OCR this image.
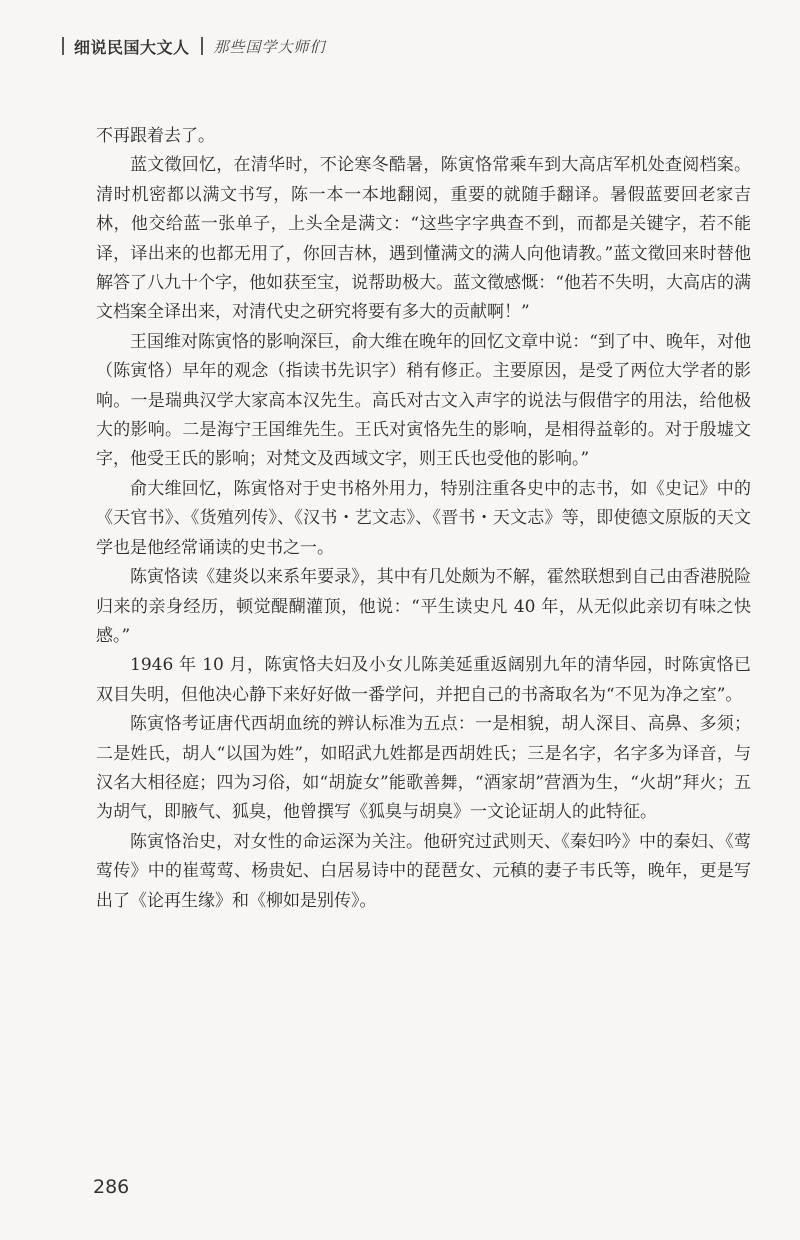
细说民国大文人 那些国学大师们

不再跟着去了。

蓝文徵回忆，在清华时，不论寒冬酷暑，陈寅恪常乘车到大高店军机处查阅档案。清时机密都以满文书写，陈一本一本地翻阅，重要的就随手翻译。暑假蓝要回老家吉林，他交给蓝一张单子，上头全是满文：“这些字字典查不到，而都是关键字，若不能译，译出来的也都无用了，你回吉林，遇到懂满文的满人向他请教。”蓝文徵回来时替他解答了八九十个字，他如获至宝，说帮助极大。蓝文徵感慨：“他若不失明，大高店的满文档案全译出来，对清代史之研究将要有多大的贡献啊！”

王国维对陈寅恪的影响深巨，俞大维在晚年的回忆文章中说：“到了中、晚年，对他（陈寅恪）早年的观念（指读书先识字）稍有修正。主要原因，是受了两位大学者的影响。一是瑞典汉学大家高本汉先生。高氏对古文入声字的说法与假借字的用法，给他极大的影响。二是海宁王国维先生。王氏对寅恪先生的影响，是相得益彰的。对于殷墟文字，他受王氏的影响；对梵文及西域文字，则王氏也受他的影响。”

俞大维回忆，陈寅恪对于史书格外用力，特别注重各史中的志书，如《史记》中的《天官书》、《货殖列传》、《汉书・艺文志》、《晋书・天文志》等，即使德文原版的天文学也是他经常诵读的史书之一。

陈寅恪读《建炎以来系年要录》，其中有几处颇为不解，霍然联想到自己由香港脱险归来的亲身经历，顿觉醍醐灌顶，他说：“平生读史凡 40 年，从无似此亲切有味之快感。”

1946 年 10 月，陈寅恪夫妇及小女儿陈美延重返阔别九年的清华园，时陈寅恪已双目失明，但他决心静下来好好做一番学问，并把自己的书斋取名为“不见为净之室”。

陈寅恪考证唐代西胡血统的辨认标准为五点：一是相貌，胡人深目、高鼻、多须；二是姓氏，胡人“以国为姓”，如昭武九姓都是西胡姓氏；三是名字，名字多为译音，与汉名大相径庭；四为习俗，如“胡旋女”能歌善舞，“酒家胡”营酒为生，“火胡”拜火；五为胡气，即腋气、狐臭，他曾撰写《狐臭与胡臭》一文论证胡人的此特征。

陈寅恪治史，对女性的命运深为关注。他研究过武则天、《秦妇吟》中的秦妇、《莺莺传》中的崔莺莺、杨贵妃、白居易诗中的琵琶女、元稹的妻子韦氏等，晚年，更是写出了《论再生缘》和《柳如是别传》。

286
